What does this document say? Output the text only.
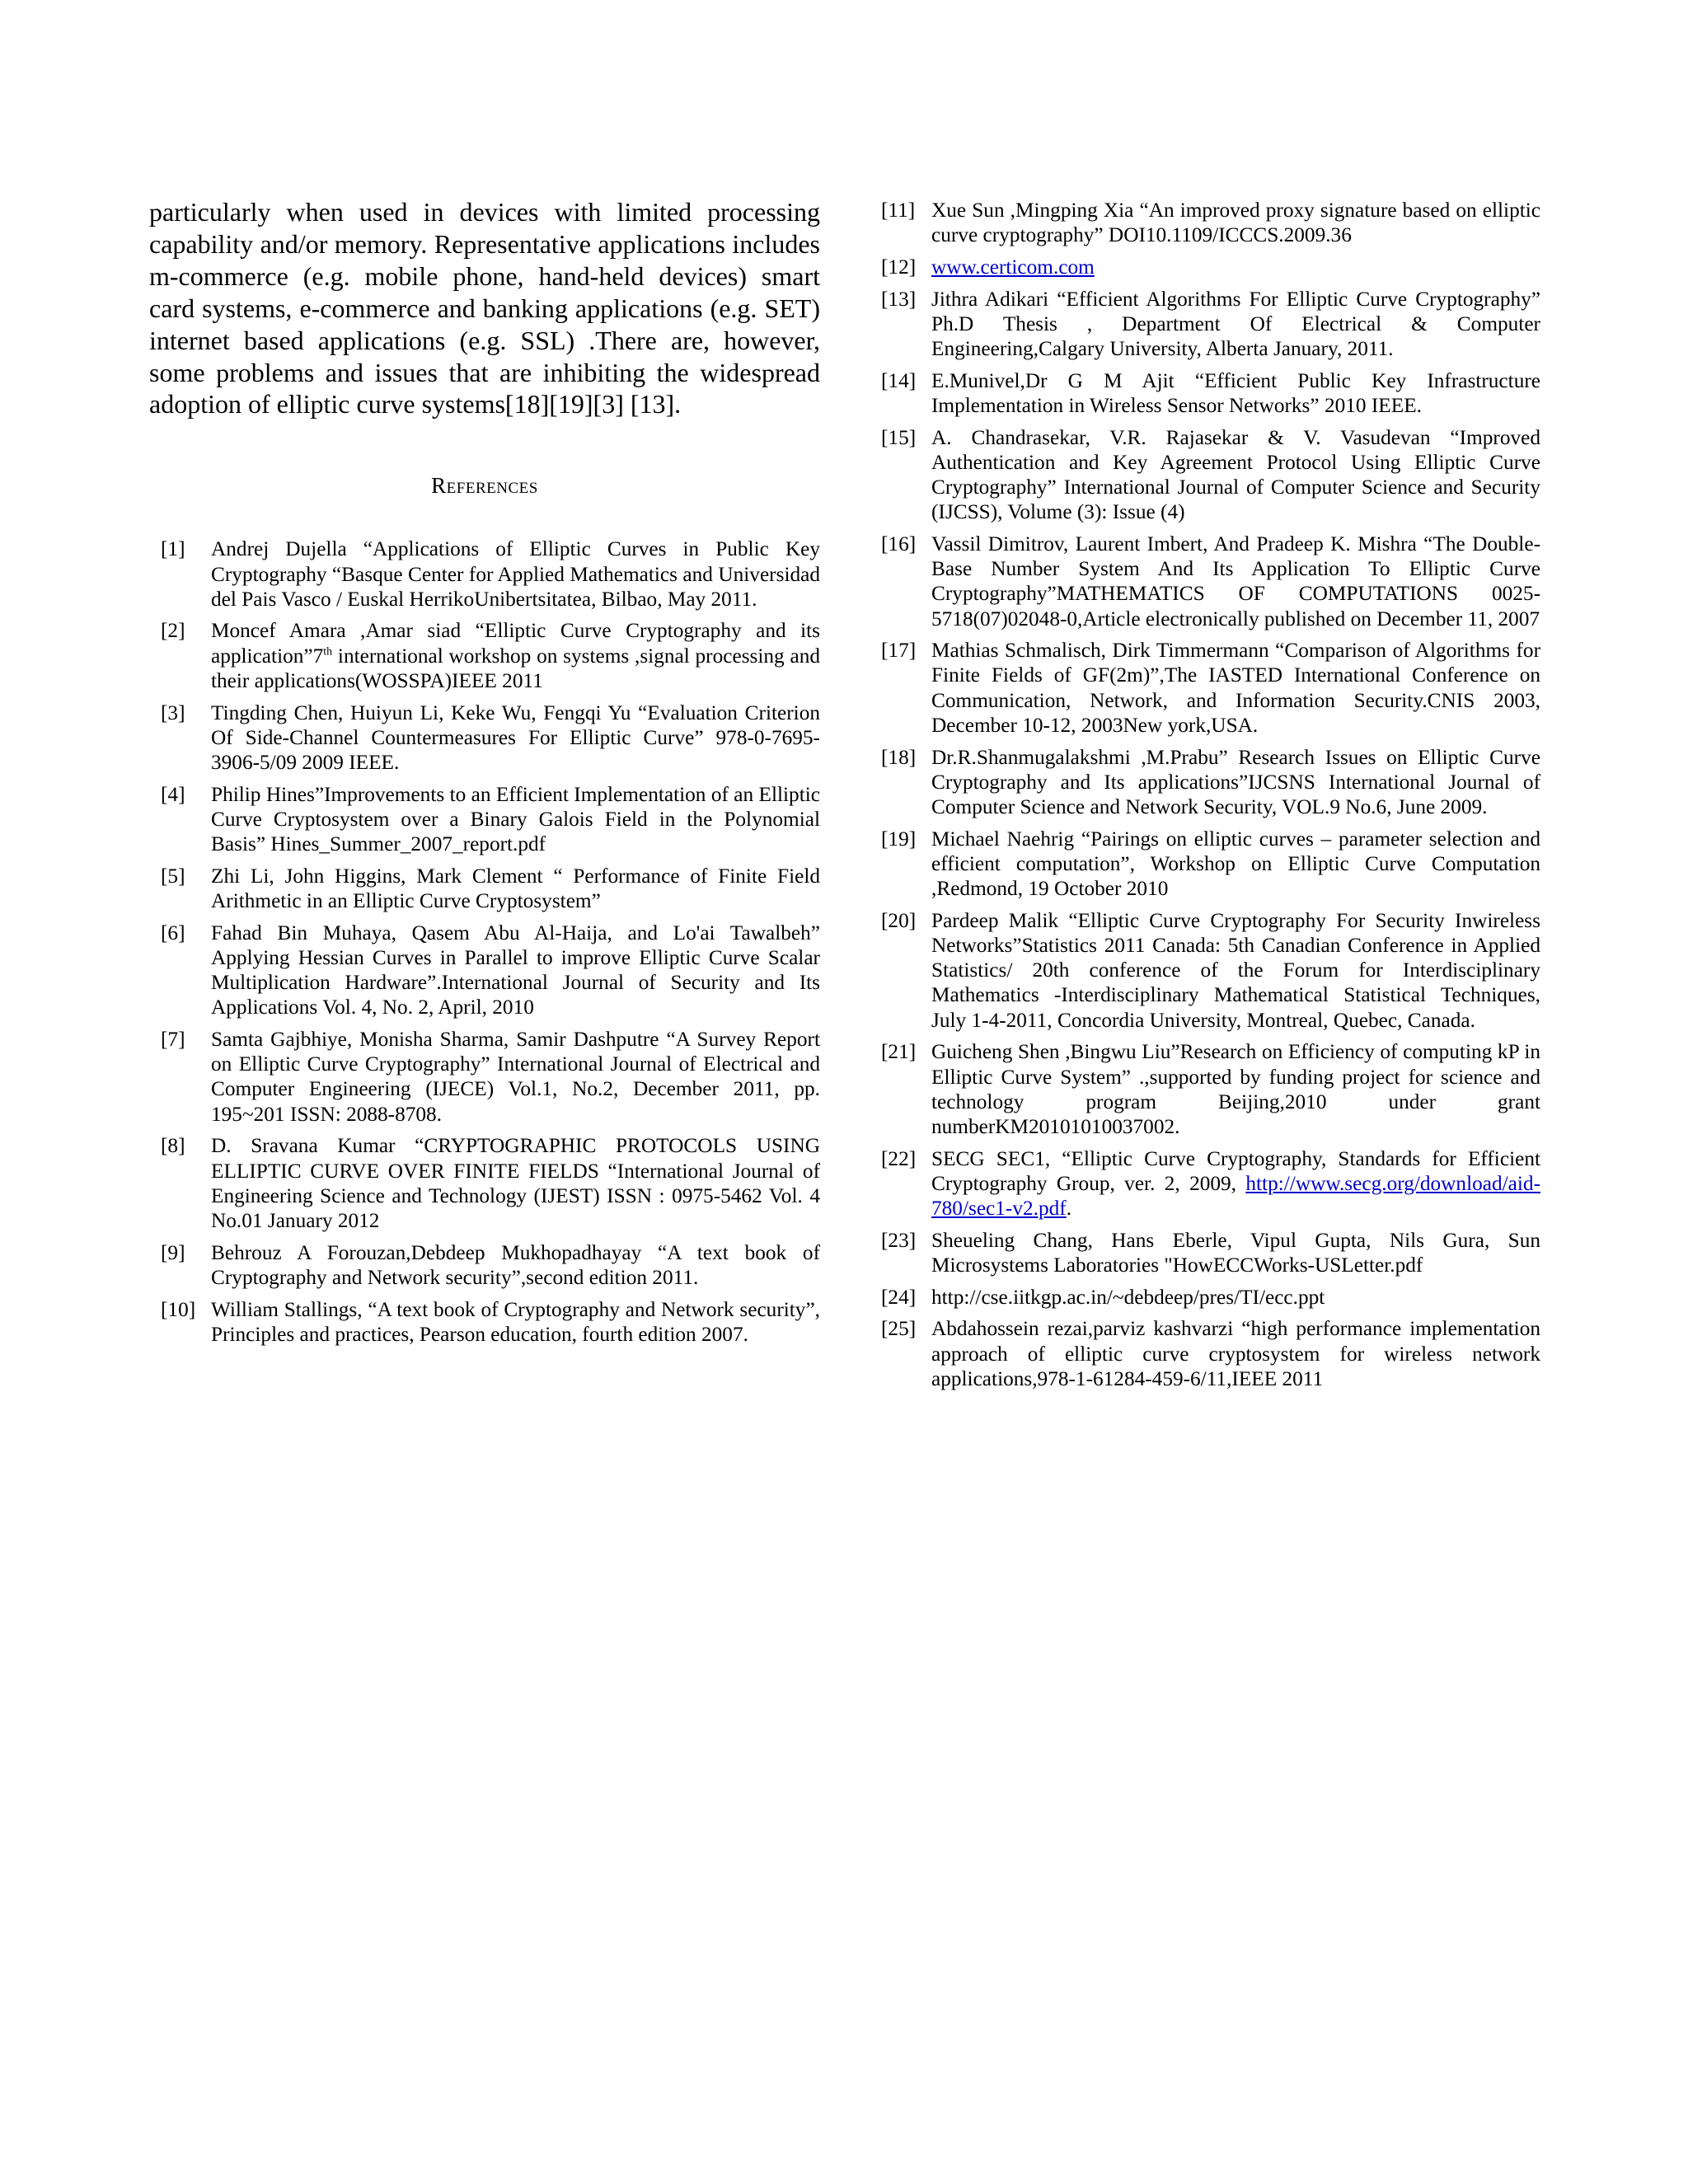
particularly when used in devices with limited processing capability and/or memory. Representative applications includes m-commerce (e.g. mobile phone, hand-held devices) smart card systems, e-commerce and banking applications (e.g. SET) internet based applications (e.g. SSL) .There are, however, some problems and issues that are inhibiting the widespread adoption of elliptic curve systems[18][19][3] [13].

References
[1]	Andrej Dujella “Applications of Elliptic Curves in Public Key Cryptography “Basque Center for Applied Mathematics and Universidad del Pais Vasco / Euskal HerrikoUnibertsitatea, Bilbao, May 2011.
[2]	Moncef Amara ,Amar siad “Elliptic Curve Cryptography and its application”7th international workshop on systems ,signal processing and their applications(WOSSPA)IEEE 2011
[3]	Tingding Chen, Huiyun Li, Keke Wu, Fengqi Yu “Evaluation Criterion Of Side-Channel Countermeasures For Elliptic Curve” 978-0-7695-3906-5/09 2009 IEEE.
[4]	Philip Hines”Improvements to an Efficient Implementation of an Elliptic Curve Cryptosystem over a Binary Galois Field in the Polynomial Basis” Hines_Summer_2007_report.pdf
[5]	Zhi Li, John Higgins, Mark Clement “ Performance of Finite Field Arithmetic in an Elliptic Curve Cryptosystem”
[6]	Fahad Bin Muhaya, Qasem Abu Al-Haija, and Lo'ai Tawalbeh” Applying Hessian Curves in Parallel to improve Elliptic Curve Scalar Multiplication Hardware”.International Journal of Security and Its Applications Vol. 4, No. 2, April, 2010
[7]	Samta Gajbhiye, Monisha Sharma, Samir Dashputre “A Survey Report on Elliptic Curve Cryptography” International Journal of Electrical and Computer Engineering (IJECE) Vol.1, No.2, December 2011, pp. 195~201 ISSN: 2088-8708.
[8]	D. Sravana Kumar “CRYPTOGRAPHIC PROTOCOLS USING ELLIPTIC CURVE OVER FINITE FIELDS “International Journal of Engineering Science and Technology (IJEST) ISSN : 0975-5462 Vol. 4 No.01 January 2012
[9]	Behrouz A Forouzan,Debdeep Mukhopadhayay “A text book of Cryptography and Network security”,second edition 2011.
[10] William Stallings, “A text book of Cryptography and Network security”, Principles and practices, Pearson education, fourth edition 2007.
[11] Xue Sun ,Mingping Xia “An improved proxy signature based on elliptic curve cryptography” DOI10.1109/ICCCS.2009.36
[12] www.certicom.com
[13] Jithra Adikari “Efficient Algorithms For Elliptic Curve Cryptography” Ph.D Thesis , Department Of Electrical & Computer Engineering,Calgary University, Alberta January, 2011.
[14] E.Munivel,Dr G M Ajit “Efficient Public Key Infrastructure Implementation in Wireless Sensor Networks” 2010 IEEE.
[15] A. Chandrasekar, V.R. Rajasekar & V. Vasudevan “Improved Authentication and Key Agreement Protocol Using Elliptic Curve Cryptography” International Journal of Computer Science and Security (IJCSS), Volume (3): Issue (4)
[16] Vassil Dimitrov, Laurent Imbert, And Pradeep K. Mishra “The Double-Base Number System And Its Application To Elliptic Curve Cryptography”MATHEMATICS OF COMPUTATIONS 0025-5718(07)02048-0,Article electronically published on December 11, 2007
[17] Mathias Schmalisch, Dirk Timmermann “Comparison of Algorithms for Finite Fields of GF(2m)”,The IASTED International Conference on Communication, Network, and Information Security.CNIS 2003, December 10-12, 2003New york,USA.
[18] Dr.R.Shanmugalakshmi ,M.Prabu” Research Issues on Elliptic Curve Cryptography and Its applications”IJCSNS International Journal of Computer Science and Network Security, VOL.9 No.6, June 2009.
[19] Michael Naehrig “Pairings on elliptic curves – parameter selection and efficient computation”, Workshop on Elliptic Curve Computation ,Redmond, 19 October 2010
[20] Pardeep Malik “Elliptic Curve Cryptography For Security Inwireless Networks”Statistics 2011 Canada: 5th Canadian Conference in Applied Statistics/ 20th conference of the Forum for Interdisciplinary Mathematics -Interdisciplinary Mathematical Statistical Techniques, July 1-4-2011, Concordia University, Montreal, Quebec, Canada.
[21] Guicheng Shen ,Bingwu Liu”Research on Efficiency of computing kP in Elliptic Curve System” .,supported by funding project for science and technology program Beijing,2010 under grant numberKM20101010037002.
[22] SECG SEC1, “Elliptic Curve Cryptography, Standards for Efficient Cryptography Group, ver. 2, 2009, http://www.secg.org/download/aid-780/sec1-v2.pdf.
[23] Sheueling Chang, Hans Eberle, Vipul Gupta, Nils Gura, Sun Microsystems Laboratories "HowECCWorks-USLetter.pdf
[24] http://cse.iitkgp.ac.in/~debdeep/pres/TI/ecc.ppt
[25] Abdahossein rezai,parviz kashvarzi “high performance implementation approach of elliptic curve cryptosystem for wireless network applications,978-1-61284-459-6/11,IEEE 2011
